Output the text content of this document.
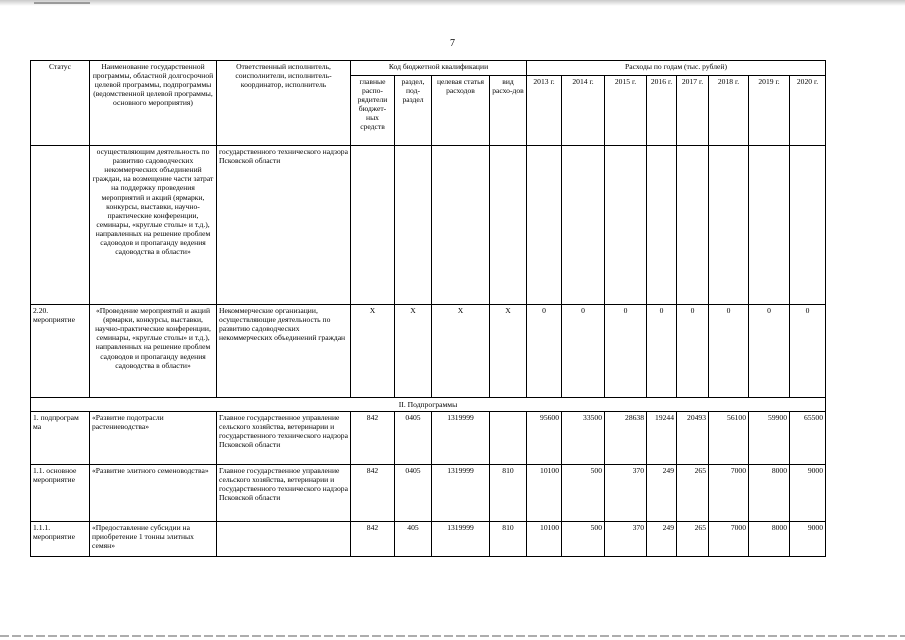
7
Статус	Наименование государственной программы, областной долгосрочной целевой программы, подпрограммы (ведомственной целевой программы, основного мероприятия)	Ответственный исполнитель, соисполнители, исполнитель-координатор, исполнитель	Код бюджетной квалификации				Расходы по годам (тыс. рублей)							
			главные распо-рядители бюджет-ных средств	раздел, под-раздел	целевая статья расходов	вид расхо-дов	2013 г.	2014 г.	2015 г.	2016 г.	2017 г.	2018 г.	2019 г.	2020 г.
	осуществляющим деятельность по развитию садоводческих некоммерческих объединений граждан, на возмещение части затрат на поддержку проведения мероприятий и акций (ярмарки, конкурсы, выставки, научно-практические конференции, семинары, «круглые столы» и т.д.), направленных на решение проблем садоводов и пропаганду ведения садоводства в области»	государственного технического надзора Псковской области												
2.20. мероприятие	«Проведение мероприятий и акций (ярмарки, конкурсы, выставки, научно-практические конференции, семинары, «круглые столы» и т.д.), направленных на решение проблем садоводов и пропаганду ведения садоводства в области»	Некоммерческие организации, осуществляющие деятельность по развитию садоводческих некоммерческих объединений граждан	X	X	X	X	0	0	0	0	0	0	0	0
II. Подпрограммы														
1. подпрограм ма	«Развитие подотрасли растениеводства»	Главное государственное управление сельского хозяйства, ветеринарии и государственного технического надзора Псковской области	842	0405	1319999		95600	33500	28638	19244	20493	56100	59900	65500
1.1. основное мероприятие	«Развитие элитного семеноводства»	Главное государственное управление сельского хозяйства, ветеринарии и государственного технического надзора Псковской области	842	0405	1319999	810	10100	500	370	249	265	7000	8000	9000
1.1.1. мероприятие	«Предоставление субсидии на приобретение 1 тонны элитных семян»		842	405	1319999	810	10100	500	370	249	265	7000	8000	9000
